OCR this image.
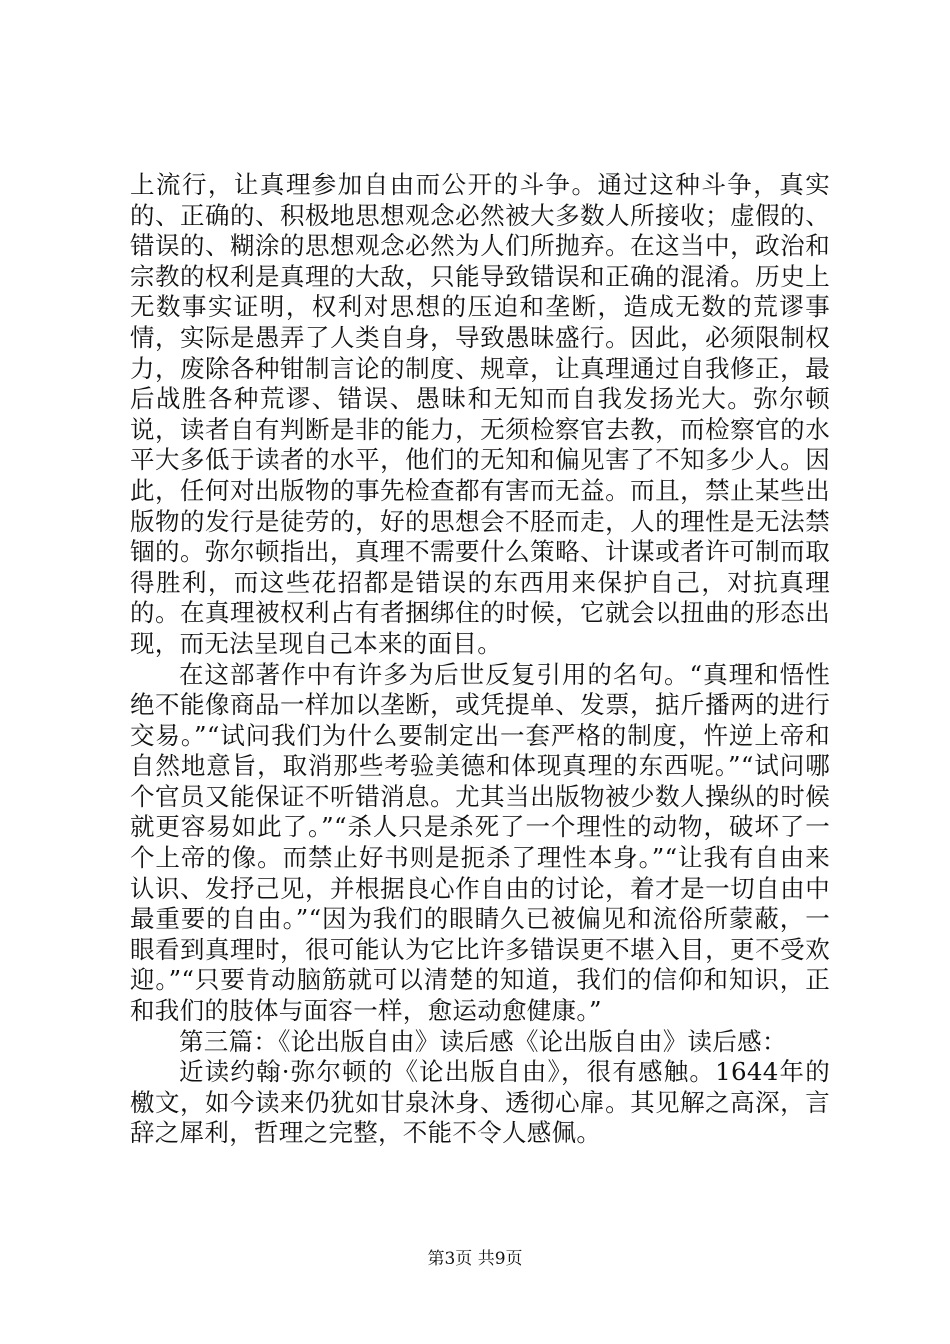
上流行，让真理参加自由而公开的斗争。通过这种斗争，真实的、正确的、积极地思想观念必然被大多数人所接收；虚假的、错误的、糊涂的思想观念必然为人们所抛弃。在这当中，政治和宗教的权利是真理的大敌，只能导致错误和正确的混淆。历史上无数事实证明，权利对思想的压迫和垄断，造成无数的荒谬事情，实际是愚弄了人类自身，导致愚昧盛行。因此，必须限制权力，废除各种钳制言论的制度、规章，让真理通过自我修正，最后战胜各种荒谬、错误、愚昧和无知而自我发扬光大。弥尔顿说，读者自有判断是非的能力，无须检察官去教，而检察官的水平大多低于读者的水平，他们的无知和偏见害了不知多少人。因此，任何对出版物的事先检查都有害而无益。而且，禁止某些出版物的发行是徒劳的，好的思想会不胫而走，人的理性是无法禁锢的。弥尔顿指出，真理不需要什么策略、计谋或者许可制而取得胜利，而这些花招都是错误的东西用来保护自己，对抗真理的。在真理被权利占有者捆绑住的时候，它就会以扭曲的形态出现，而无法呈现自己本来的面目。

在这部著作中有许多为后世反复引用的名句。“真理和悟性绝不能像商品一样加以垄断，或凭提单、发票，掂斤播两的进行交易。”“试问我们为什么要制定出一套严格的制度，忤逆上帝和自然地意旨，取消那些考验美德和体现真理的东西呢。”“试问哪个官员又能保证不听错消息。尤其当出版物被少数人操纵的时候就更容易如此了。”“杀人只是杀死了一个理性的动物，破坏了一个上帝的像。而禁止好书则是扼杀了理性本身。”“让我有自由来认识、发抒己见，并根据良心作自由的讨论，着才是一切自由中最重要的自由。”“因为我们的眼睛久已被偏见和流俗所蒙蔽，一眼看到真理时，很可能认为它比许多错误更不堪入目，更不受欢迎。”“只要肯动脑筋就可以清楚的知道，我们的信仰和知识，正和我们的肢体与面容一样，愈运动愈健康。”

第三篇：《论出版自由》读后感《论出版自由》读后感：

近读约翰·弥尔顿的《论出版自由》，很有感触。1644年的檄文，如今读来仍犹如甘泉沐身、透彻心扉。其见解之高深，言辞之犀利，哲理之完整，不能不令人感佩。

第3页 共9页
